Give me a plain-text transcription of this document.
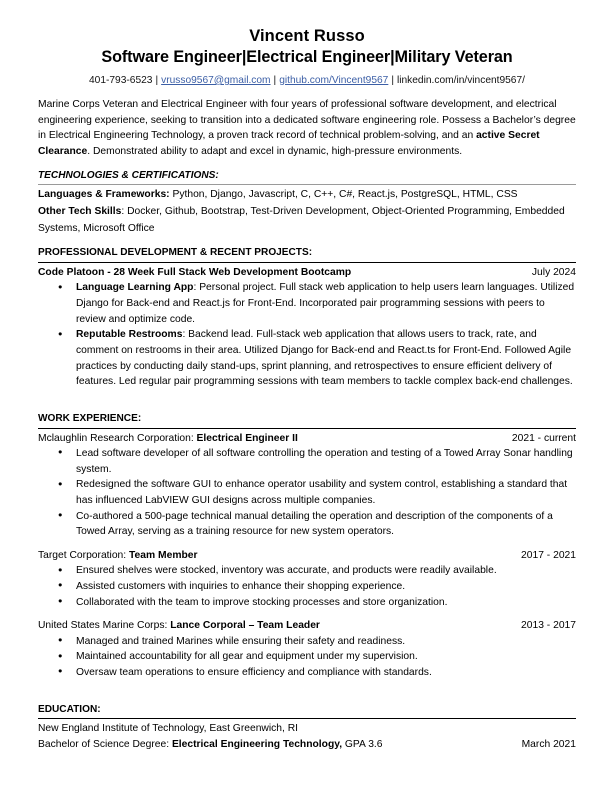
Vincent Russo
Software Engineer|Electrical Engineer|Military Veteran
401-793-6523 | vrusso9567@gmail.com | github.com/Vincent9567 | linkedin.com/in/vincent9567/

Marine Corps Veteran and Electrical Engineer with four years of professional software development, and electrical engineering experience, seeking to transition into a dedicated software engineering role. Possess a Bachelor’s degree in Electrical Engineering Technology, a proven track record of technical problem-solving, and an active Secret Clearance. Demonstrated ability to adapt and excel in dynamic, high-pressure environments.

TECHNOLOGIES & CERTIFICATIONS:

Languages & Frameworks: Python, Django, Javascript, C, C++, C#, React.js, PostgreSQL, HTML, CSS

Other Tech Skills: Docker, Github, Bootstrap, Test-Driven Development, Object-Oriented Programming, Embedded Systems, Microsoft Office

PROFESSIONAL DEVELOPMENT & RECENT PROJECTS:
Code Platoon - 28 Week Full Stack Web Development Bootcamp	July 2024
● Language Learning App: Personal project. Full stack web application to help users learn languages. Utilized Django for Back-end and React.js for Front-End. Incorporated pair programming sessions with peers to review and optimize code.
● Reputable Restrooms: Backend lead. Full-stack web application that allows users to track, rate, and comment on restrooms in their area. Utilized Django for Back-end and React.ts for Front-End. Followed Agile practices by conducting daily stand-ups, sprint planning, and retrospectives to ensure efficient delivery of features. Led regular pair programming sessions with team members to tackle complex back-end challenges.
WORK EXPERIENCE:
Mclaughlin Research Corporation: Electrical Engineer II	2021 - current
● Lead software developer of all software controlling the operation and testing of a Towed Array Sonar handling system.
● Redesigned the software GUI to enhance operator usability and system control, establishing a standard that has influenced LabVIEW GUI designs across multiple companies.
● Co-authored a 500-page technical manual detailing the operation and description of the components of a Towed Array, serving as a training resource for new system operators.
Target Corporation: Team Member	2017 - 2021
● Ensured shelves were stocked, inventory was accurate, and products were readily available.
● Assisted customers with inquiries to enhance their shopping experience.
● Collaborated with the team to improve stocking processes and store organization.
United States Marine Corps: Lance Corporal – Team Leader	2013 - 2017
● Managed and trained Marines while ensuring their safety and readiness.
● Maintained accountability for all gear and equipment under my supervision.
● Oversaw team operations to ensure efficiency and compliance with standards.
EDUCATION:

New England Institute of Technology, East Greenwich, RI

Bachelor of Science Degree: Electrical Engineering Technology, GPA 3.6	March 2021
